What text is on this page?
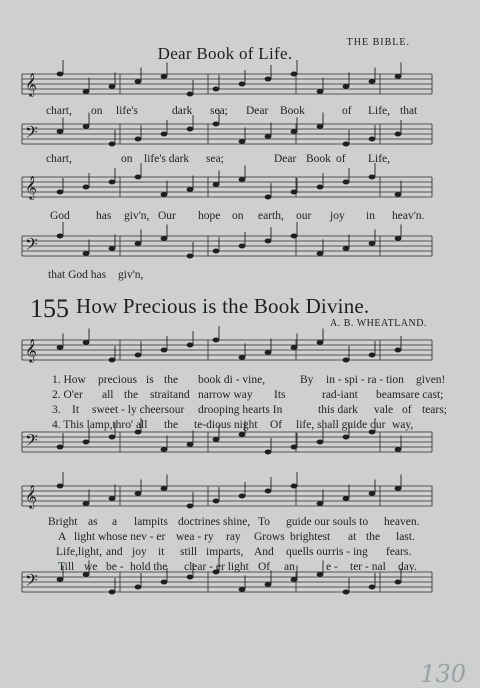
THE BIBLE.
Dear Book of Life.
𝄞
𝄢
𝄞
𝄢
𝄞
𝄢
𝄞
𝄢
chart, on life's	dark sea; Dear Book	of Life, that
chart,	on life's dark sea;	Dear Book of Life,
God has giv'n, Our hope on earth, our joy in heav'n.
that God has giv'n,
155 How Precious is the Book Divine.
A. B. WHEATLAND.
1. How precious is the book di - vine,	By in - spi - ra - tion given!
2. O'er all the straitand narrow way Its	rad-iant beamsare cast;
3. It sweet - ly cheersour drooping hearts In	this dark vale of tears;
4. This lamp,thro' all the te-dious night Of life, shall guide our way,
Bright as a lampits doctrines shine, To guide our souls to heaven.
A light whose nev - er wea - ry ray Grows brightest at the last.
Life,light, and joy it still imparts, And quells our ris - ing fears.
Till we be - hold the clear - er light Of an	e - ter - nal day.
130
